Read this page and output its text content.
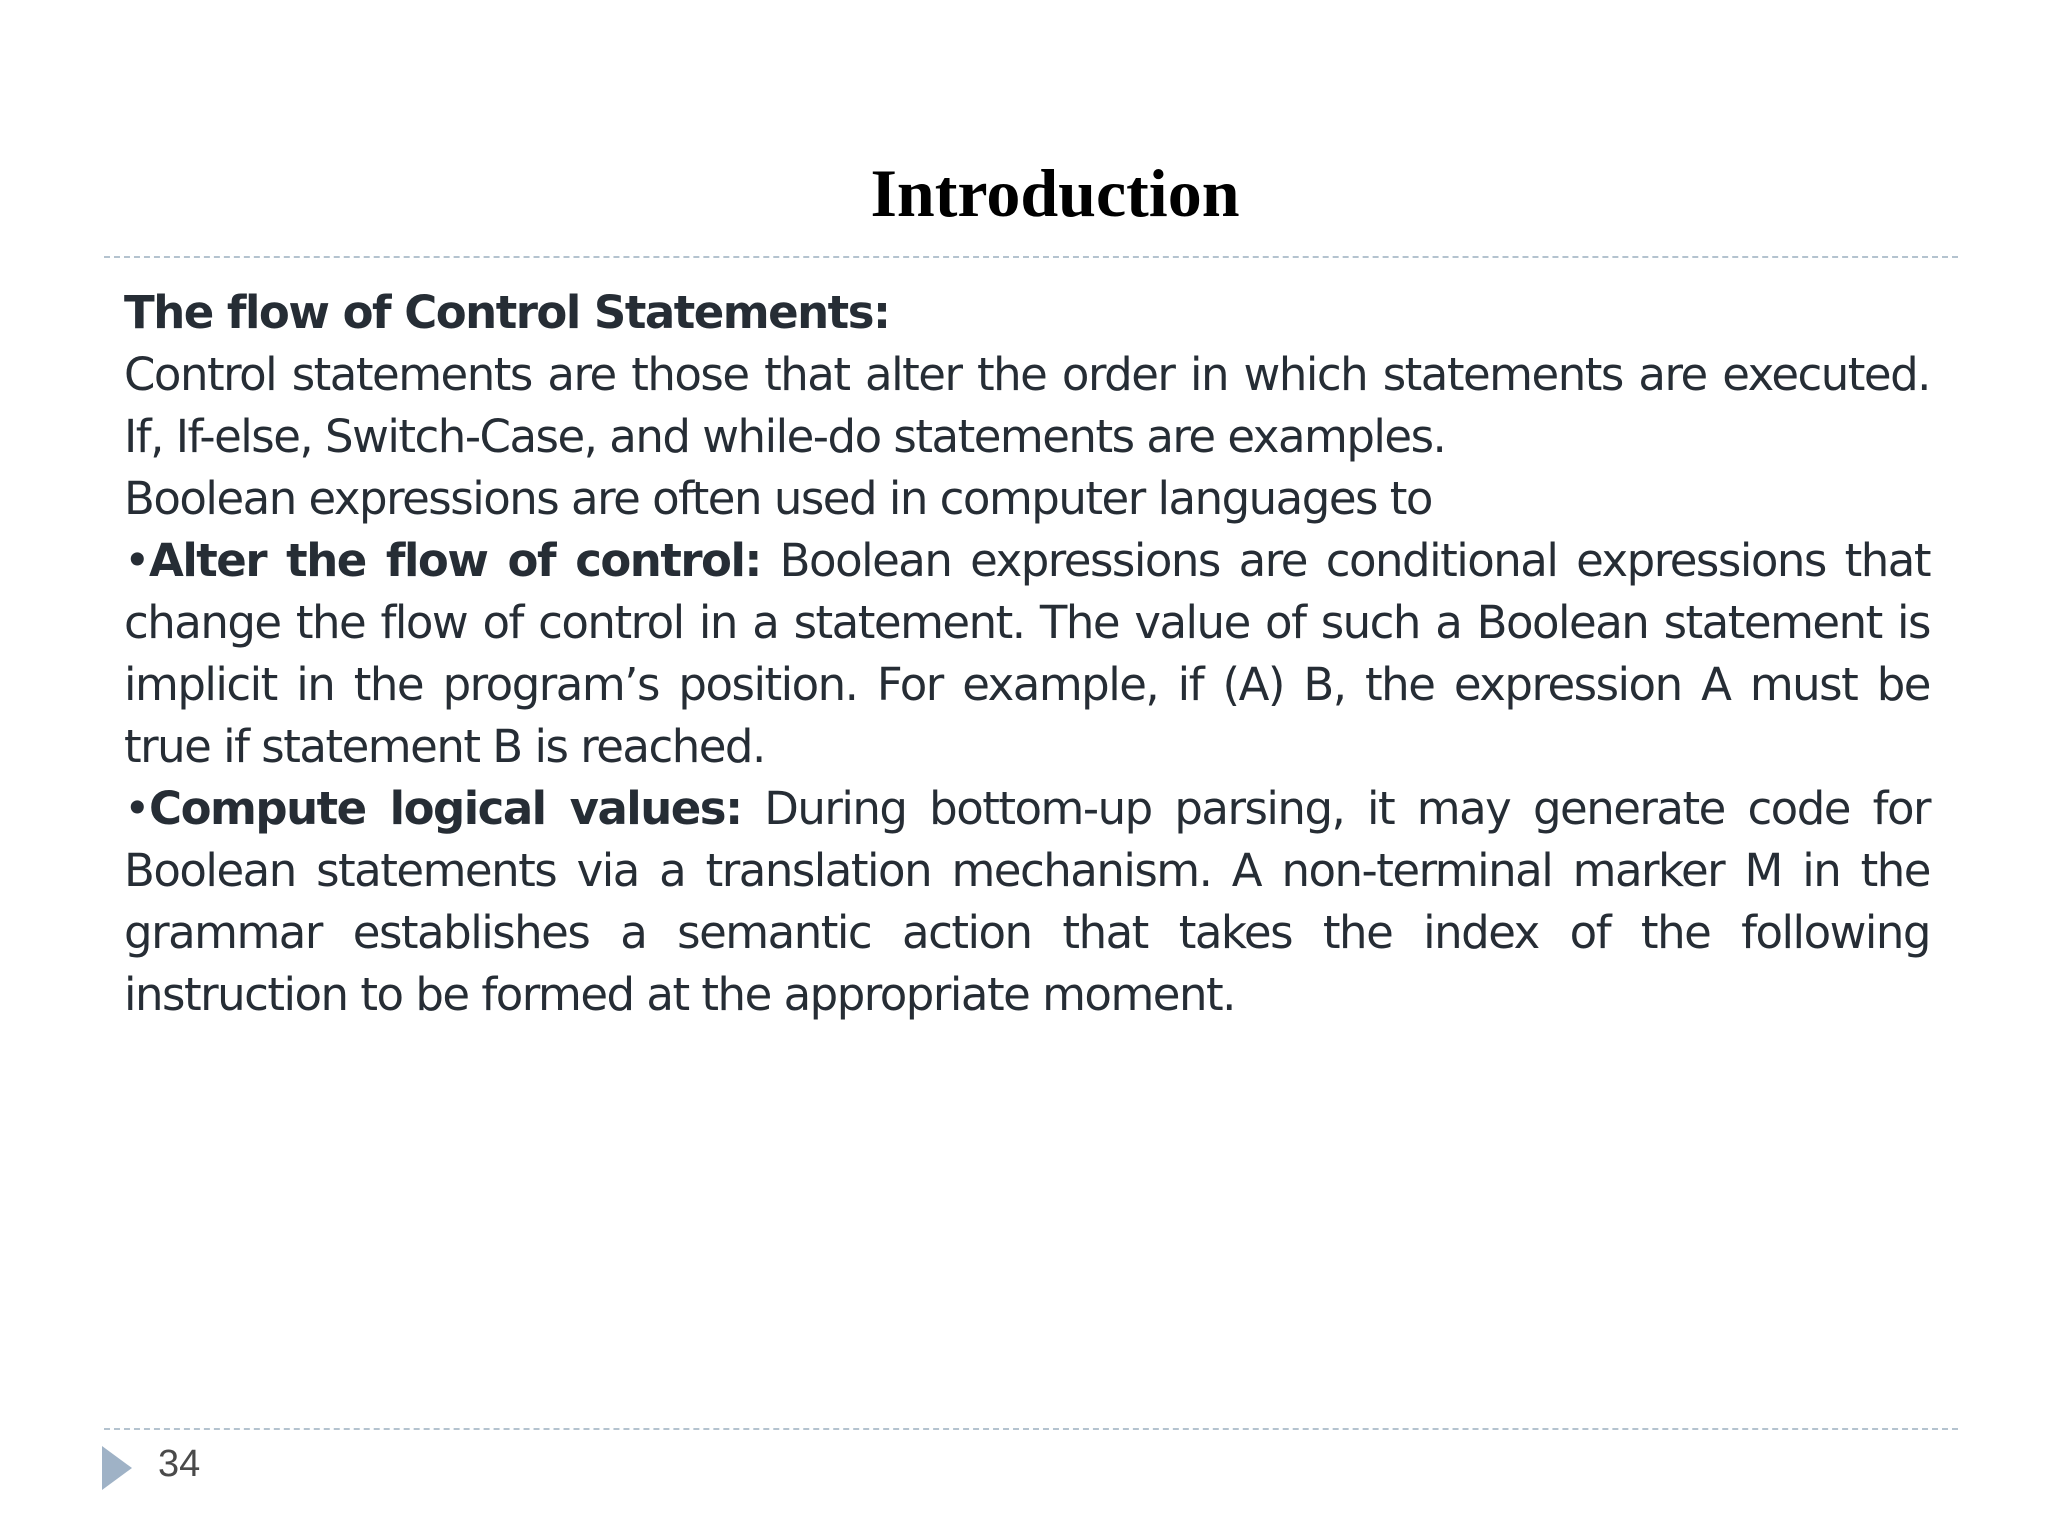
Introduction

The flow of Control Statements:

Control statements are those that alter the order in which statements are executed. If, If-else, Switch-Case, and while-do statements are examples.

Boolean expressions are often used in computer languages to

•Alter the flow of control: Boolean expressions are conditional expressions that change the flow of control in a statement. The value of such a Boolean statement is implicit in the program’s position. For example, if (A) B, the expression A must be true if statement B is reached.

•Compute logical values: During bottom-up parsing, it may generate code for Boolean statements via a translation mechanism. A non-terminal marker M in the grammar establishes a semantic action that takes the index of the following instruction to be formed at the appropriate moment.

34
